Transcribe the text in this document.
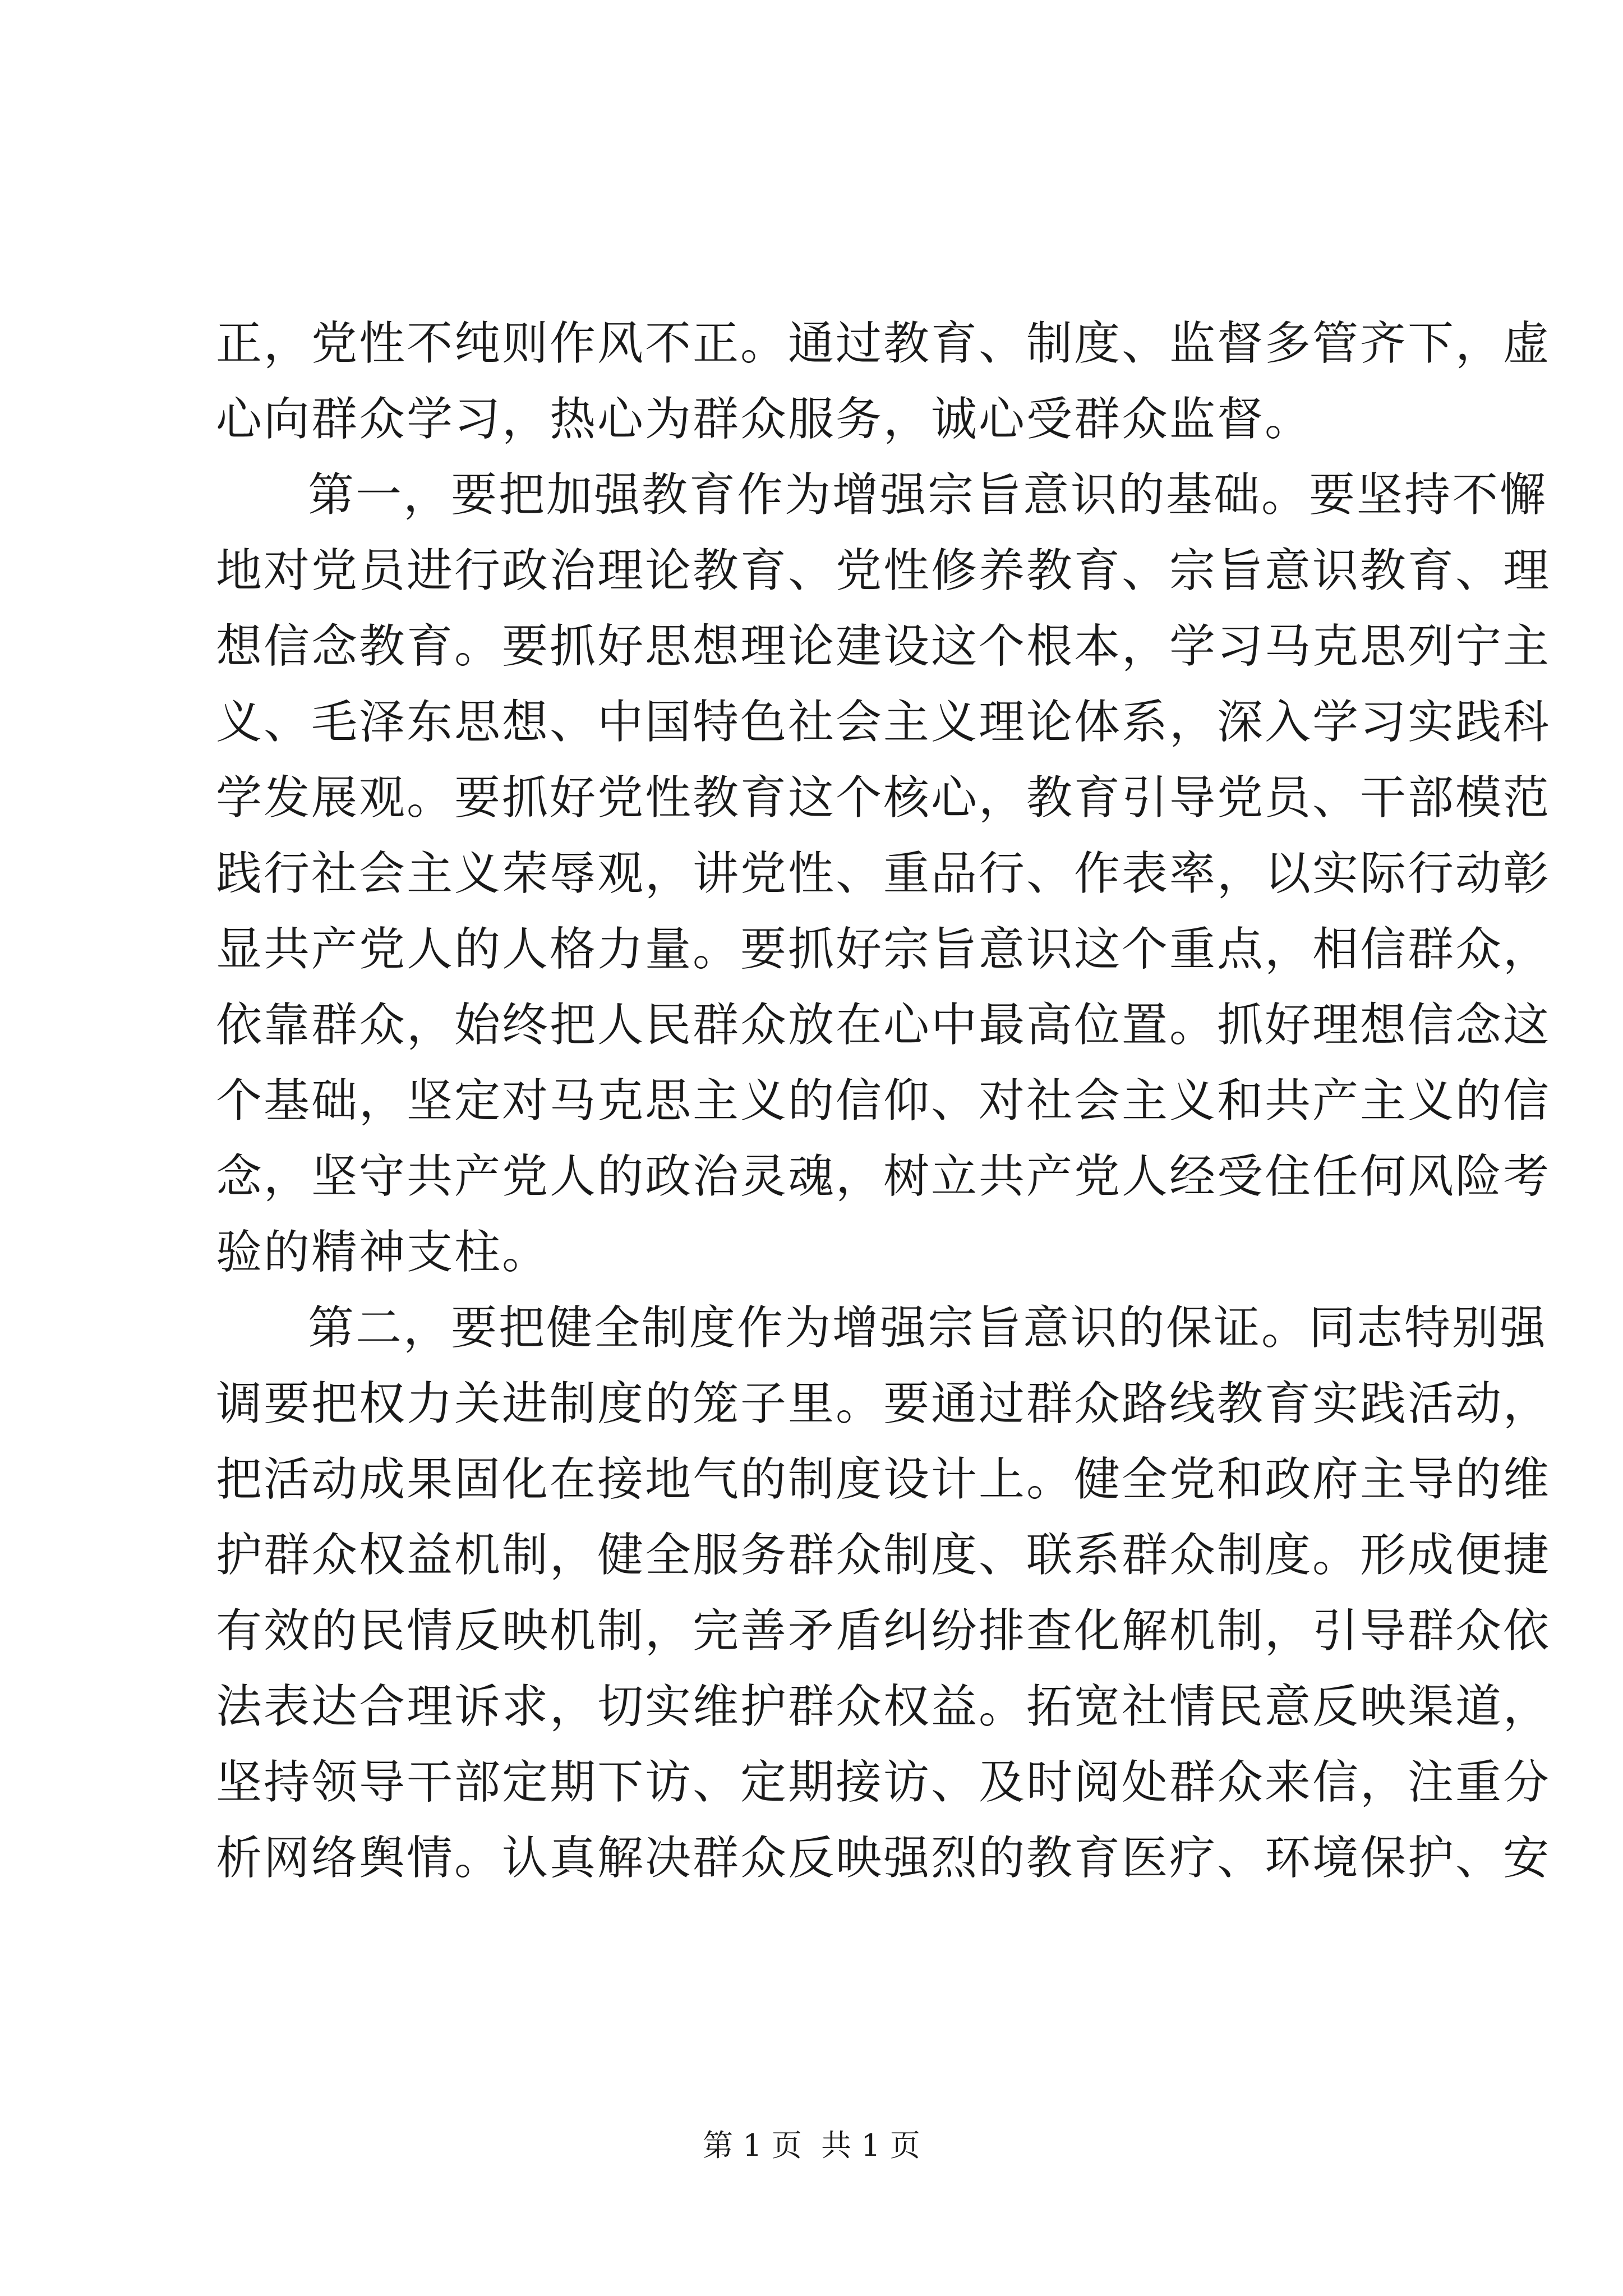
正，党性不纯则作风不正。通过教育、制度、监督多管齐下，虚
心向群众学习，热心为群众服务，诚心受群众监督。
第一，要把加强教育作为增强宗旨意识的基础。要坚持不懈
地对党员进行政治理论教育、党性修养教育、宗旨意识教育、理
想信念教育。要抓好思想理论建设这个根本，学习马克思列宁主
义、毛泽东思想、中国特色社会主义理论体系，深入学习实践科
学发展观。要抓好党性教育这个核心，教育引导党员、干部模范
践行社会主义荣辱观，讲党性、重品行、作表率，以实际行动彰
显共产党人的人格力量。要抓好宗旨意识这个重点，相信群众，
依靠群众，始终把人民群众放在心中最高位置。抓好理想信念这
个基础，坚定对马克思主义的信仰、对社会主义和共产主义的信
念，坚守共产党人的政治灵魂，树立共产党人经受住任何风险考
验的精神支柱。
第二，要把健全制度作为增强宗旨意识的保证。同志特别强
调要把权力关进制度的笼子里。要通过群众路线教育实践活动，
把活动成果固化在接地气的制度设计上。健全党和政府主导的维
护群众权益机制，健全服务群众制度、联系群众制度。形成便捷
有效的民情反映机制，完善矛盾纠纷排查化解机制，引导群众依
法表达合理诉求，切实维护群众权益。拓宽社情民意反映渠道，
坚持领导干部定期下访、定期接访、及时阅处群众来信，注重分
析网络舆情。认真解决群众反映强烈的教育医疗、环境保护、安
第 1 页  共 1 页
